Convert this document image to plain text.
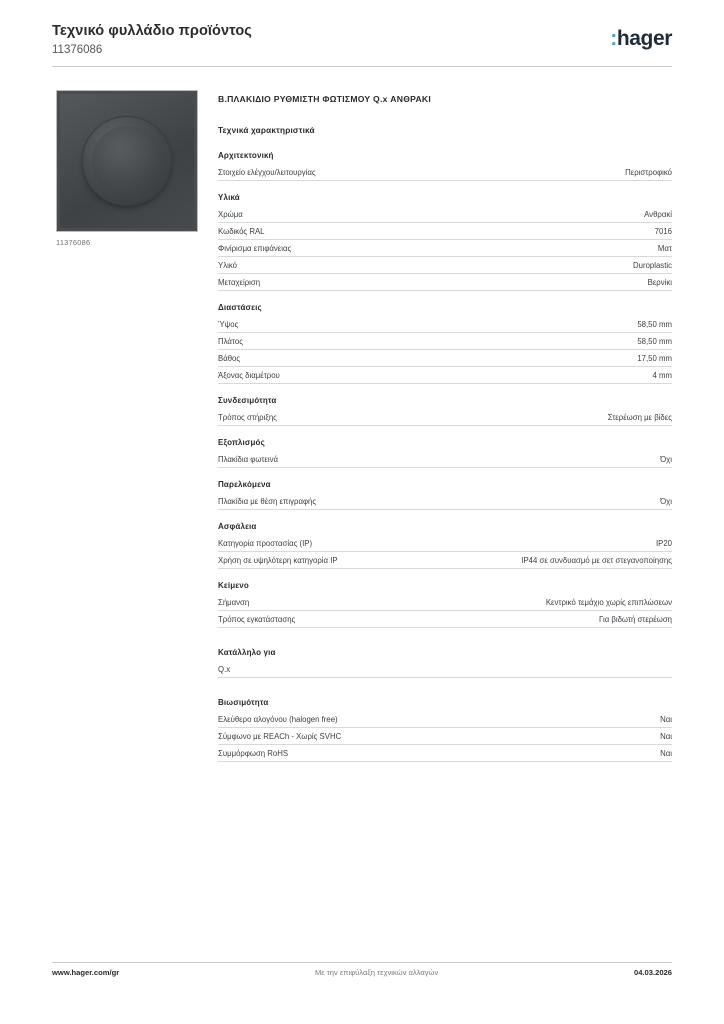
Τεχνικό φυλλάδιο προϊόντος
11376086	:hager
11376086
Β.ΠΛΑΚΙΔΙΟ ΡΥΘΜΙΣΤΗ ΦΩΤΙΣΜΟΥ Q.x ΑΝΘΡΑΚΙ
Τεχνικά χαρακτηριστικά
Αρχιτεκτονική
Στοιχείο ελέγχου/λειτουργίας	Περιστροφικό
Υλικά
Χρώμα	Ανθρακί
Κωδικός RAL	7016
Φινίρισμα επιφάνειας	Ματ
Υλικό	Duroplastic
Μεταχείριση	Βερνίκι
Διαστάσεις
Ύψος	58,50 mm
Πλάτος	58,50 mm
Βάθος	17,50 mm
Άξονας διαμέτρου	4 mm
Συνδεσιμότητα
Τρόπος στήριξης	Στερέωση με βίδες
Εξοπλισμός
Πλακίδια φωτεινά	Όχι
Παρελκόμενα
Πλακίδια με θέση επιγραφής	Όχι
Ασφάλεια
Κατηγορία προστασίας (IP)	IP20
Χρήση σε υψηλότερη κατηγορία IP	IP44 σε συνδυασμό με σετ στεγανοποίησης
Κείμενο
Σήμανση	Κεντρικό τεμάχιο χωρίς επιπλώσεων
Τρόπος εγκατάστασης	Για βιδωτή στερέωση
Κατάλληλο για
Q.x
Βιωσιμότητα
Ελεύθερο αλογόνου (halogen free)	Ναι
Σύμφωνο με REACh - Χωρίς SVHC	Ναι
Συμμόρφωση RoHS	Ναι
www.hager.com/gr	Με την επιφύλαξη τεχνικών αλλαγών	04.03.2026
